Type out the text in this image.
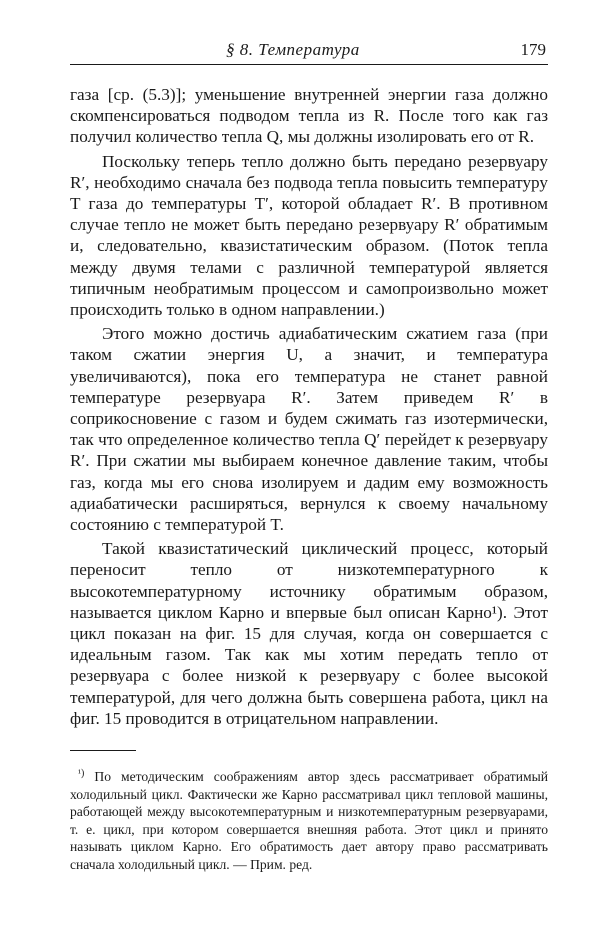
§ 8. Температура	179

газа [ср. (5.3)]; уменьшение внутренней энергии газа должно скомпенсироваться подводом тепла из R. После того как газ получил количество тепла Q, мы должны изолировать его от R.

Поскольку теперь тепло должно быть передано резервуару R′, необходимо сначала без подвода тепла повысить температуру T газа до температуры T′, которой обладает R′. В противном случае тепло не может быть передано резервуару R′ обратимым и, следовательно, квазистатическим образом. (Поток тепла между двумя телами с различной температурой является типичным необратимым процессом и самопроизвольно может происходить только в одном направлении.)

Этого можно достичь адиабатическим сжатием газа (при таком сжатии энергия U, а значит, и температура увеличиваются), пока его температура не станет равной температуре резервуара R′. Затем приведем R′ в соприкосновение с газом и будем сжимать газ изотермически, так что определенное количество тепла Q′ перейдет к резервуару R′. При сжатии мы выбираем конечное давление таким, чтобы газ, когда мы его снова изолируем и дадим ему возможность адиабатически расширяться, вернулся к своему начальному состоянию с температурой T.

Такой квазистатический циклический процесс, который переносит тепло от низкотемпературного к высокотемпературному источнику обратимым образом, называется циклом Карно и впервые был описан Карно¹). Этот цикл показан на фиг. 15 для случая, когда он совершается с идеальным газом. Так как мы хотим передать тепло от резервуара с более низкой к резервуару с более высокой температурой, для чего должна быть совершена работа, цикл на фиг. 15 проводится в отрицательном направлении.

$^{^1)}$ По методическим соображениям автор здесь рассматривает обратимый холодильный цикл. Фактически же Карно рассматривал цикл тепловой машины, работающей между высокотемпературным и низкотемпературным резервуарами, т. е. цикл, при котором совершается внешняя работа. Этот цикл и принято называть циклом Карно. Его обратимость дает автору право рассматривать сначала холодильный цикл. — Прим. ред.
